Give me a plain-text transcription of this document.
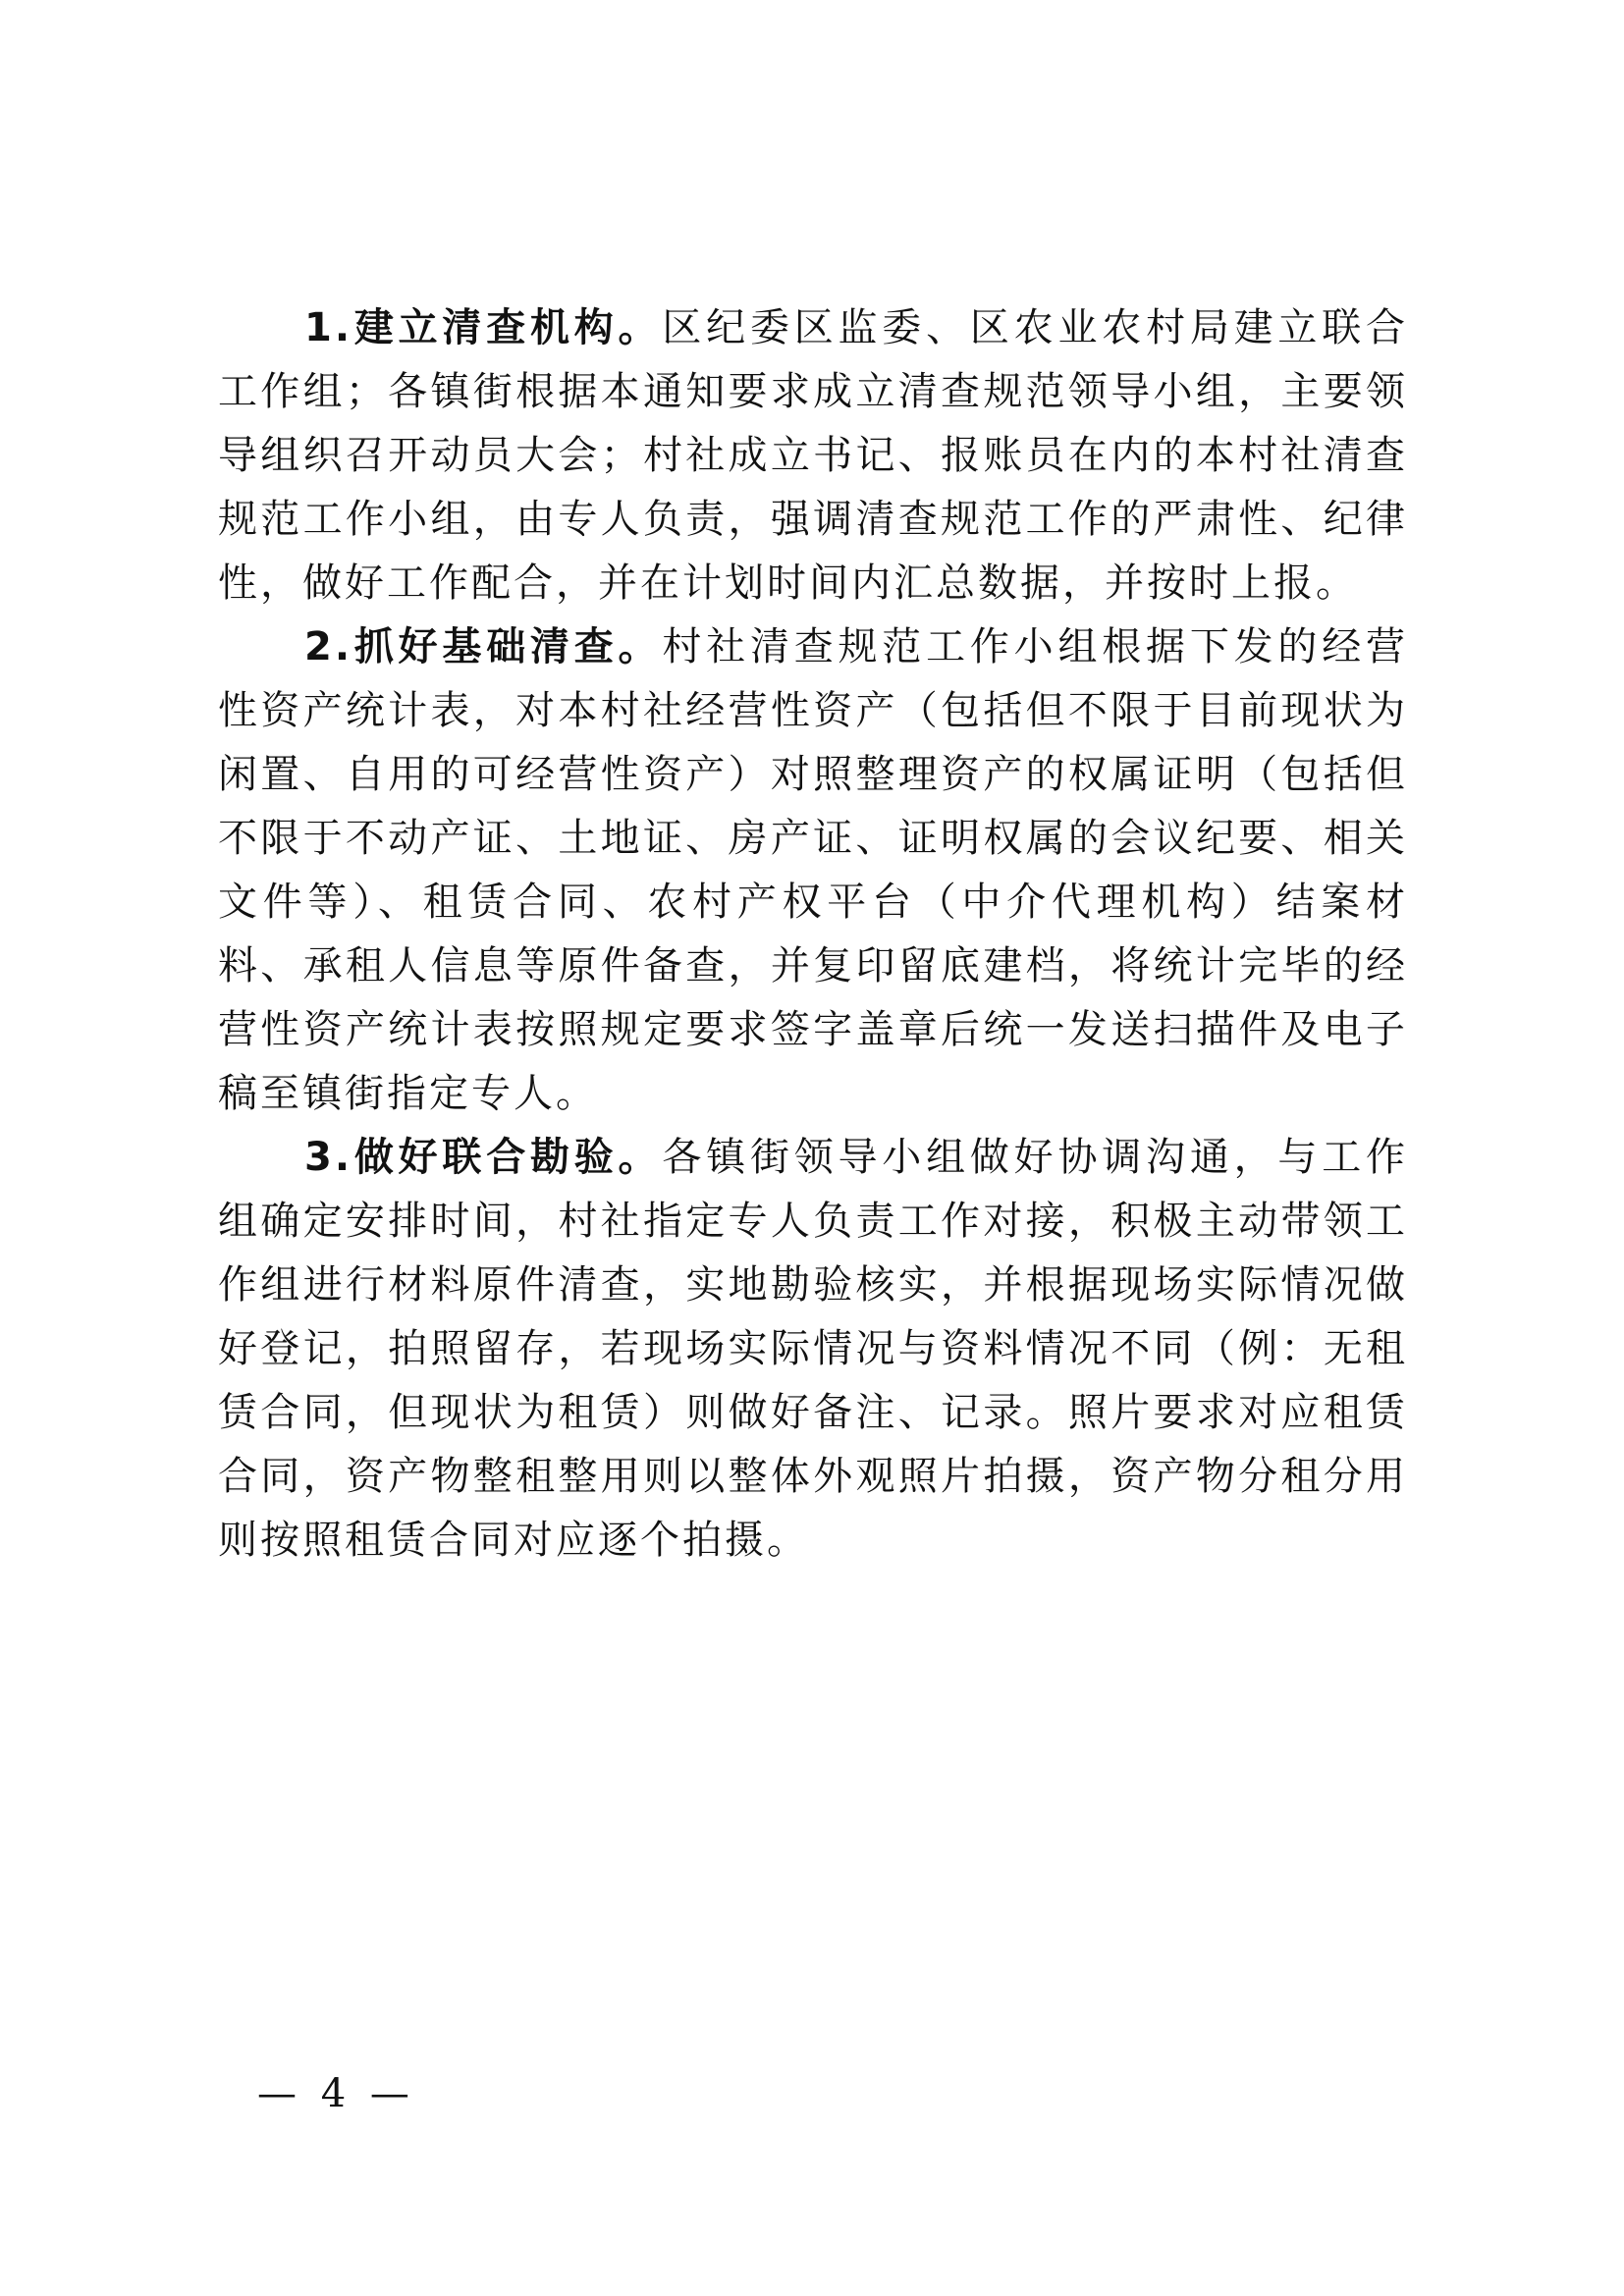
1.建立清查机构。区纪委区监委、区农业农村局建立联合工作组；各镇街根据本通知要求成立清查规范领导小组，主要领导组织召开动员大会；村社成立书记、报账员在内的本村社清查规范工作小组，由专人负责，强调清查规范工作的严肃性、纪律性，做好工作配合，并在计划时间内汇总数据，并按时上报。

2.抓好基础清查。村社清查规范工作小组根据下发的经营性资产统计表，对本村社经营性资产（包括但不限于目前现状为闲置、自用的可经营性资产）对照整理资产的权属证明（包括但不限于不动产证、土地证、房产证、证明权属的会议纪要、相关文件等）、租赁合同、农村产权平台（中介代理机构）结案材料、承租人信息等原件备查，并复印留底建档，将统计完毕的经营性资产统计表按照规定要求签字盖章后统一发送扫描件及电子稿至镇街指定专人。

3.做好联合勘验。各镇街领导小组做好协调沟通，与工作组确定安排时间，村社指定专人负责工作对接，积极主动带领工作组进行材料原件清查，实地勘验核实，并根据现场实际情况做好登记，拍照留存，若现场实际情况与资料情况不同（例：无租赁合同，但现状为租赁）则做好备注、记录。照片要求对应租赁合同，资产物整租整用则以整体外观照片拍摄，资产物分租分用则按照租赁合同对应逐个拍摄。

— 4 —
